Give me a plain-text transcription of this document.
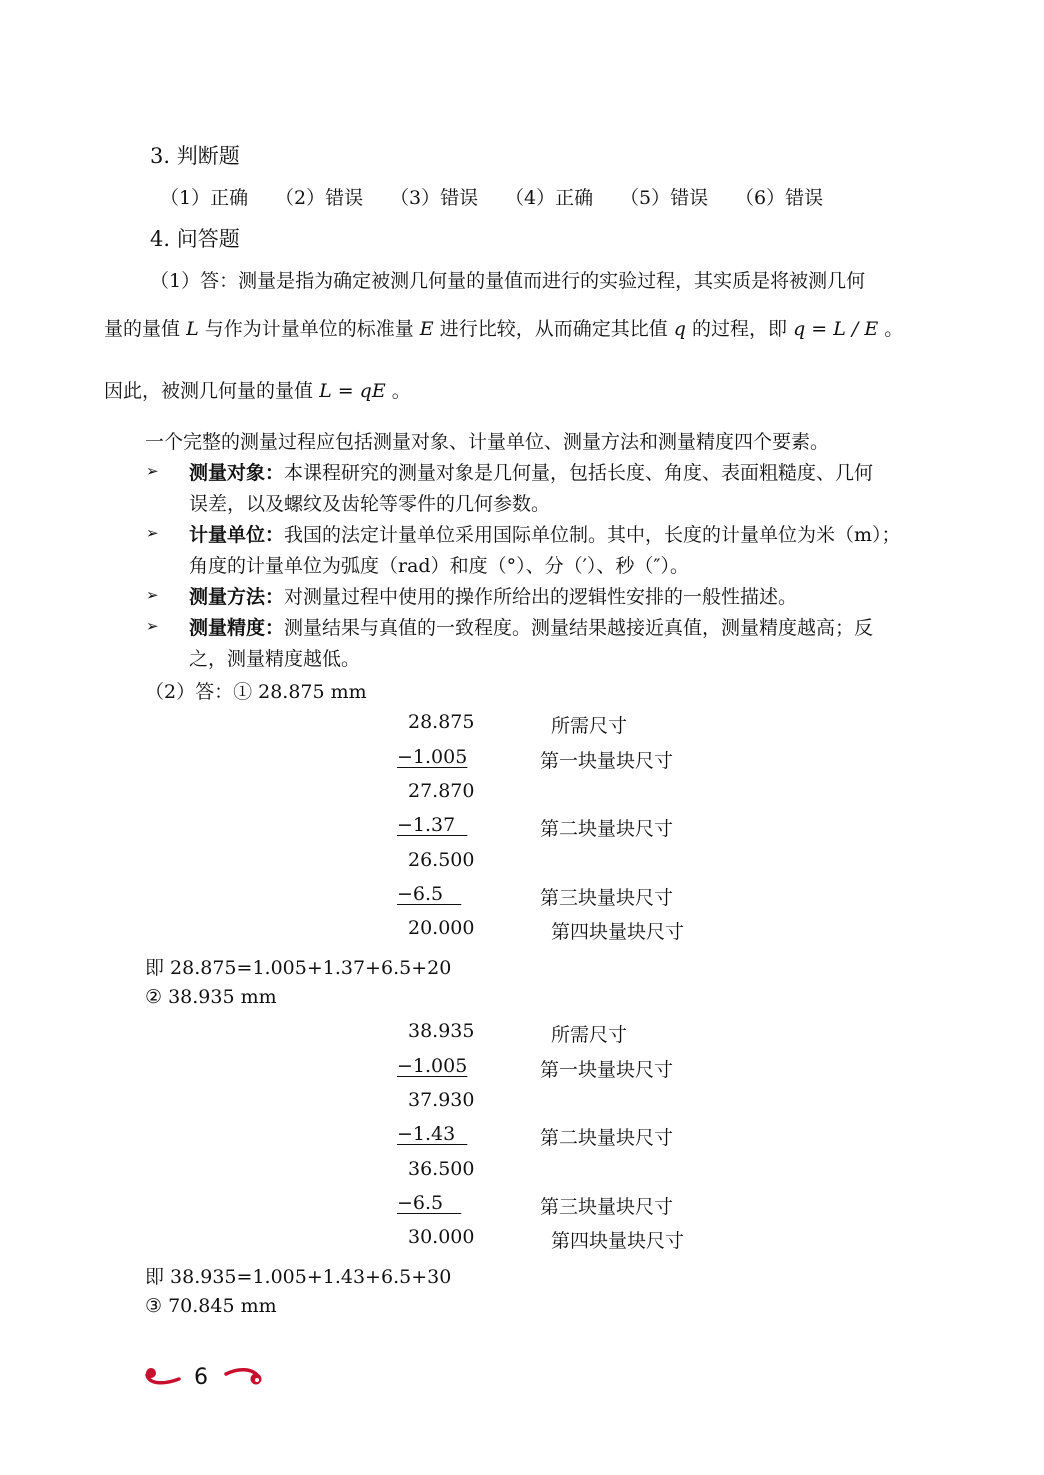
3. 判断题
（1）正确 （2）错误 （3）错误 （4）正确 （5）错误 （6）错误
4. 问答题
（1）答：测量是指为确定被测几何量的量值而进行的实验过程，其实质是将被测几何
量的量值 L 与作为计量单位的标准量 E 进行比较，从而确定其比值 q 的过程，即 q = L / E 。
因此，被测几何量的量值 L = qE 。
一个完整的测量过程应包括测量对象、计量单位、测量方法和测量精度四个要素。
➢ 测量对象：本课程研究的测量对象是几何量，包括长度、角度、表面粗糙度、几何
误差，以及螺纹及齿轮等零件的几何参数。
➢ 计量单位：我国的法定计量单位采用国际单位制。其中，长度的计量单位为米（m）；
角度的计量单位为弧度（rad）和度（°）、分（′）、秒（″）。
➢ 测量方法：对测量过程中使用的操作所给出的逻辑性安排的一般性描述。
➢ 测量精度：测量结果与真值的一致程度。测量结果越接近真值，测量精度越高；反
之，测量精度越低。
（2）答：① 28.875 mm
28.875	所需尺寸
−1.005	第一块量块尺寸
27.870
−1.37	第二块量块尺寸
26.500
−6.5	第三块量块尺寸
20.000	第四块量块尺寸
即 28.875=1.005+1.37+6.5+20
② 38.935 mm
38.935	所需尺寸
−1.005	第一块量块尺寸
37.930
−1.43	第二块量块尺寸
36.500
−6.5	第三块量块尺寸
30.000	第四块量块尺寸
即 38.935=1.005+1.43+6.5+30
③ 70.845 mm
6
